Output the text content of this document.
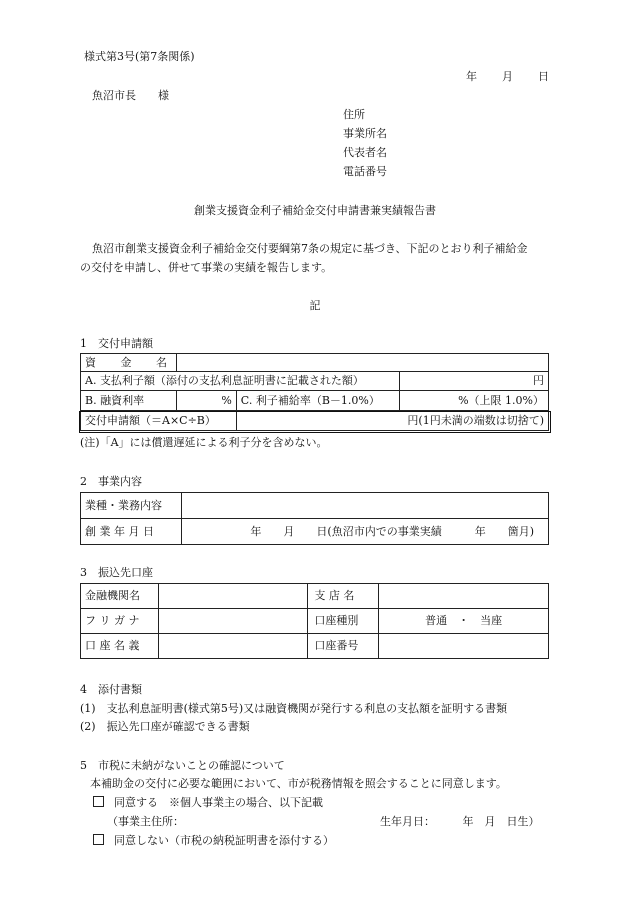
様式第3号(第7条関係)
年 月 日
魚沼市長　　様
住所
事業所名
代表者名
電話番号
創業支援資金利子補給金交付申請書兼実績報告書
魚沼市創業支援資金利子補給金交付要綱第7条の規定に基づき、下記のとおり利子補給金
の交付を申請し、併せて事業の実績を報告します。
記
1　交付申請額
資　金　名			

A. 支払利子額（添付の支払利息証明書に記載された額）			円
B. 融資利率	%	C. 利子補給率（B－1.0%）	%（上限 1.0%）
交付申請額（＝A×C÷B）		円(1円未満の端数は切捨て)	
(注)「A」には償還遅延による利子分を含めない。
2　事業内容
業種・業務内容	
創 業 年 月 日	年　　月　　日(魚沼市内での事業実績　　　年　　箇月)
3　振込先口座
金融機関名		支 店 名	
フ リ ガ ナ		口座種別	普通　・　当座
口 座 名 義		口座番号	
4　添付書類
(1)　支払利息証明書(様式第5号)又は融資機関が発行する利息の支払額を証明する書類
(2)　振込先口座が確認できる書類
5　市税に未納がないことの確認について
本補助金の交付に必要な範囲において、市が税務情報を照会することに同意します。
同意する　※個人事業主の場合、以下記載
（事業主住所：	生年月日：　　　年　月　日生）
同意しない（市税の納税証明書を添付する）
